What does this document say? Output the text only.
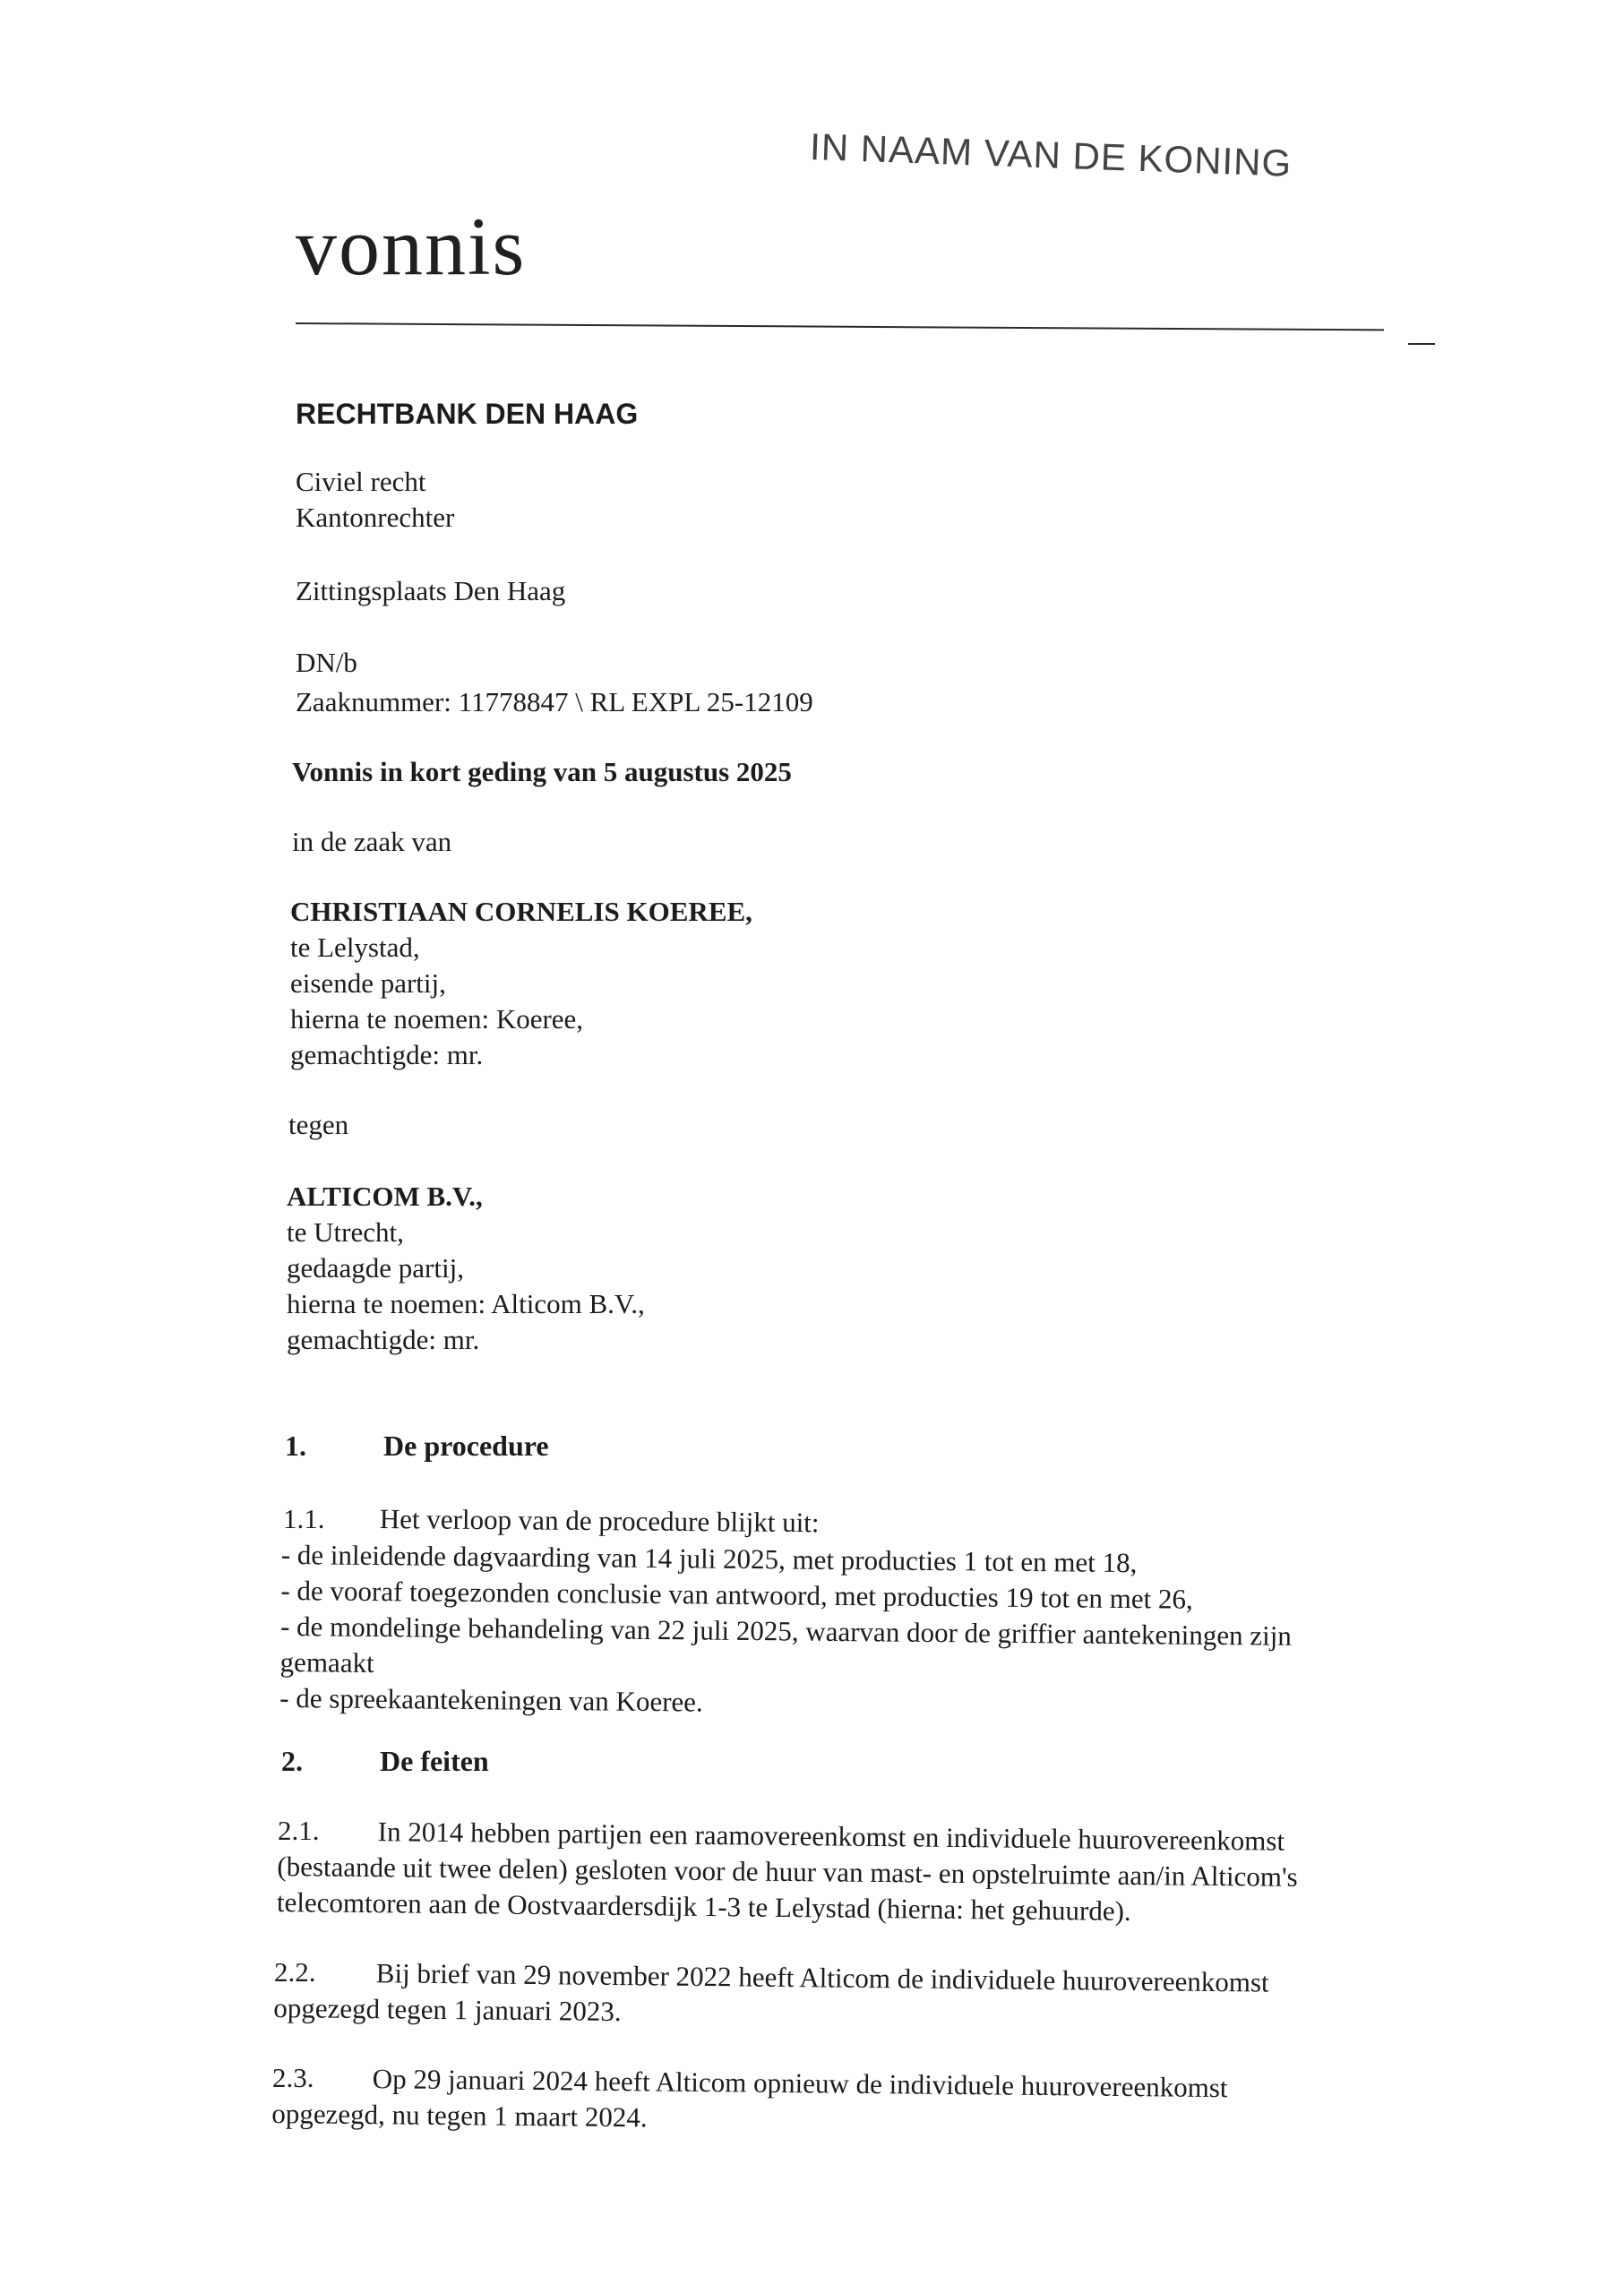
IN NAAM VAN DE KONING
vonnis
RECHTBANK DEN HAAG
Civiel recht
Kantonrechter
Zittingsplaats Den Haag
DN/b
Zaaknummer: 11778847 \ RL EXPL 25-12109
Vonnis in kort geding van 5 augustus 2025
in de zaak van
CHRISTIAAN CORNELIS KOEREE,
te Lelystad,
eisende partij,
hierna te noemen: Koeree,
gemachtigde: mr.
tegen
ALTICOM B.V.,
te Utrecht,
gedaagde partij,
hierna te noemen: Alticom B.V.,
gemachtigde: mr.
1.	De procedure
1.1. Het verloop van de procedure blijkt uit:
- de inleidende dagvaarding van 14 juli 2025, met producties 1 tot en met 18,
- de vooraf toegezonden conclusie van antwoord, met producties 19 tot en met 26,
- de mondelinge behandeling van 22 juli 2025, waarvan door de griffier aantekeningen zijn
gemaakt
- de spreekaantekeningen van Koeree.
2.	De feiten
2.1.	In 2014 hebben partijen een raamovereenkomst en individuele huurovereenkomst
(bestaande uit twee delen) gesloten voor de huur van mast- en opstelruimte aan/in Alticom's
telecomtoren aan de Oostvaardersdijk 1-3 te Lelystad (hierna: het gehuurde).
2.2.	Bij brief van 29 november 2022 heeft Alticom de individuele huurovereenkomst
opgezegd tegen 1 januari 2023.
2.3.	Op 29 januari 2024 heeft Alticom opnieuw de individuele huurovereenkomst
opgezegd, nu tegen 1 maart 2024.
